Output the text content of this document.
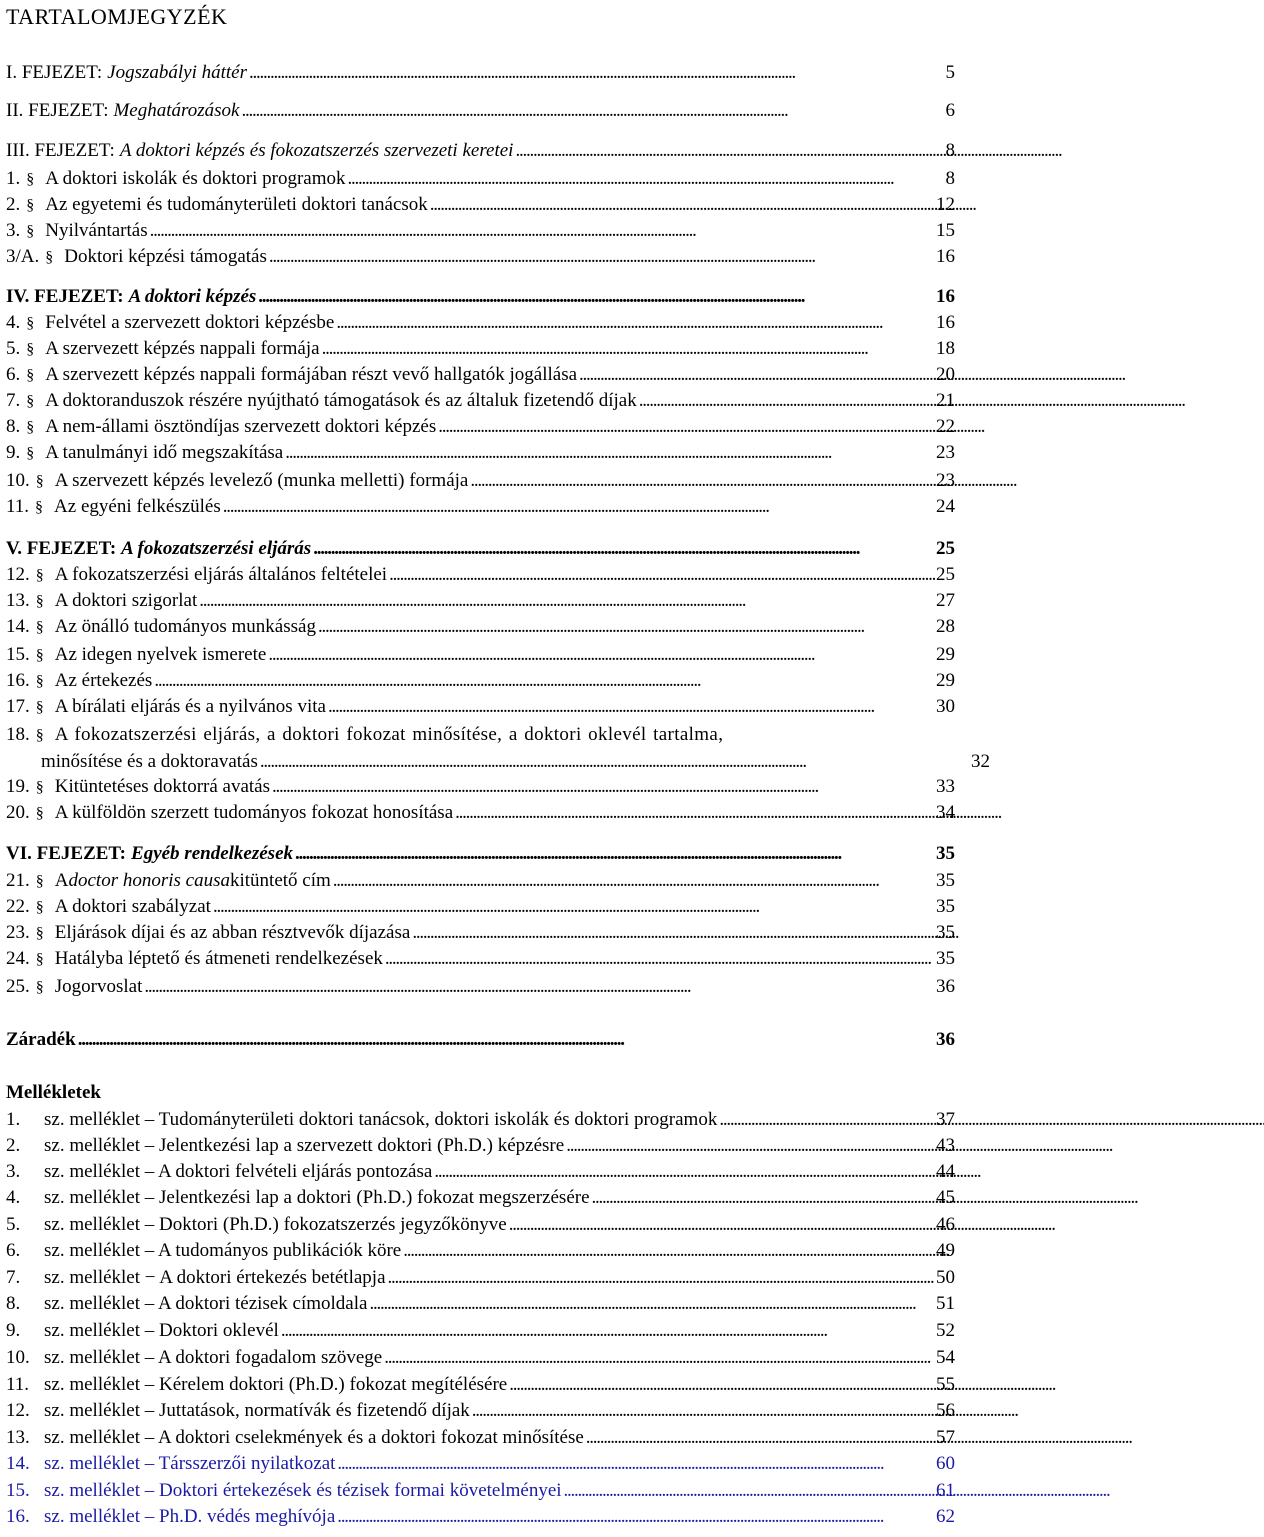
TARTALOMJEGYZÉK
I. FEJEZET: Jogszabályi háttér . . .	5
II. FEJEZET: Meghatározások . . .	6
III. FEJEZET: A doktori képzés és fokozatszerzés szervezeti keretei . . .	8
1. § A doktori iskolák és doktori programok . . .	8
2. § Az egyetemi és tudományterületi doktori tanácsok . . .	12
3. § Nyilvántartás . . .	15
3/A. § Doktori képzési támogatás . . .	16
IV. FEJEZET: A doktori képzés . . .	16
4. § Felvétel a szervezett doktori képzésbe . . .	16
5. § A szervezett képzés nappali formája . . .	18
6. § A szervezett képzés nappali formájában részt vevő hallgatók jogállása . . .	20
7. § A doktoranduszok részére nyújtható támogatások és az általuk fizetendő díjak . . .	21
8. § A nem-állami ösztöndíjas szervezett doktori képzés . . .	22
9. § A tanulmányi idő megszakítása . . .	23
10. § A szervezett képzés levelező (munka melletti) formája . . .	23
11. § Az egyéni felkészülés . . .	24
V. FEJEZET: A fokozatszerzési eljárás . . .	25
12. § A fokozatszerzési eljárás általános feltételei . . .	25
13. § A doktori szigorlat . . .	27
14. § Az önálló tudományos munkásság . . .	28
15. § Az idegen nyelvek ismerete . . .	29
16. § Az értekezés . . .	29
17. § A bírálati eljárás és a nyilvános vita . . .	30
18. § A fokozatszerzési eljárás, a doktori fokozat minősítése, a doktori oklevél tartalma,
minősítése és a doktoravatás . . .	32
19. § Kitüntetéses doktorrá avatás . . .	33
20. § A külföldön szerzett tudományos fokozat honosítása . . .	34
VI. FEJEZET: Egyéb rendelkezések . . .	35
21. § A doctor honoris causa kitüntető cím . . .	35
22. § A doktori szabályzat . . .	35
23. § Eljárások díjai és az abban résztvevők díjazása . . .	35
24. § Hatályba léptető és átmeneti rendelkezések . . .	35
25. § Jogorvoslat . . .	36
Záradék . . .	36
Mellékletek
1.	sz. melléklet – Tudományterületi doktori tanácsok, doktori iskolák és doktori programok . . .	37
2.	sz. melléklet – Jelentkezési lap a szervezett doktori (Ph.D.) képzésre . . .	43
3.	sz. melléklet – A doktori felvételi eljárás pontozása . . .	44
4.	sz. melléklet – Jelentkezési lap a doktori (Ph.D.) fokozat megszerzésére . . .	45
5.	sz. melléklet – Doktori (Ph.D.) fokozatszerzés jegyzőkönyve . . .	46
6.	sz. melléklet – A tudományos publikációk köre . . .	49
7.	sz. melléklet − A doktori értekezés betétlapja . . .	50
8.	sz. melléklet – A doktori tézisek címoldala . . .	51
9.	sz. melléklet – Doktori oklevél . . .	52
10. sz. melléklet – A doktori fogadalom szövege . . .	54
11. sz. melléklet – Kérelem doktori (Ph.D.) fokozat megítélésére . . .	55
12. sz. melléklet – Juttatások, normatívák és fizetendő díjak . . .	56
13. sz. melléklet – A doktori cselekmények és a doktori fokozat minősítése . . .	57
14. sz. melléklet – Társszerzői nyilatkozat . . .	60
15. sz. melléklet – Doktori értekezések és tézisek formai követelményei . . .	61
16. sz. melléklet – Ph.D. védés meghívója . . .	62
